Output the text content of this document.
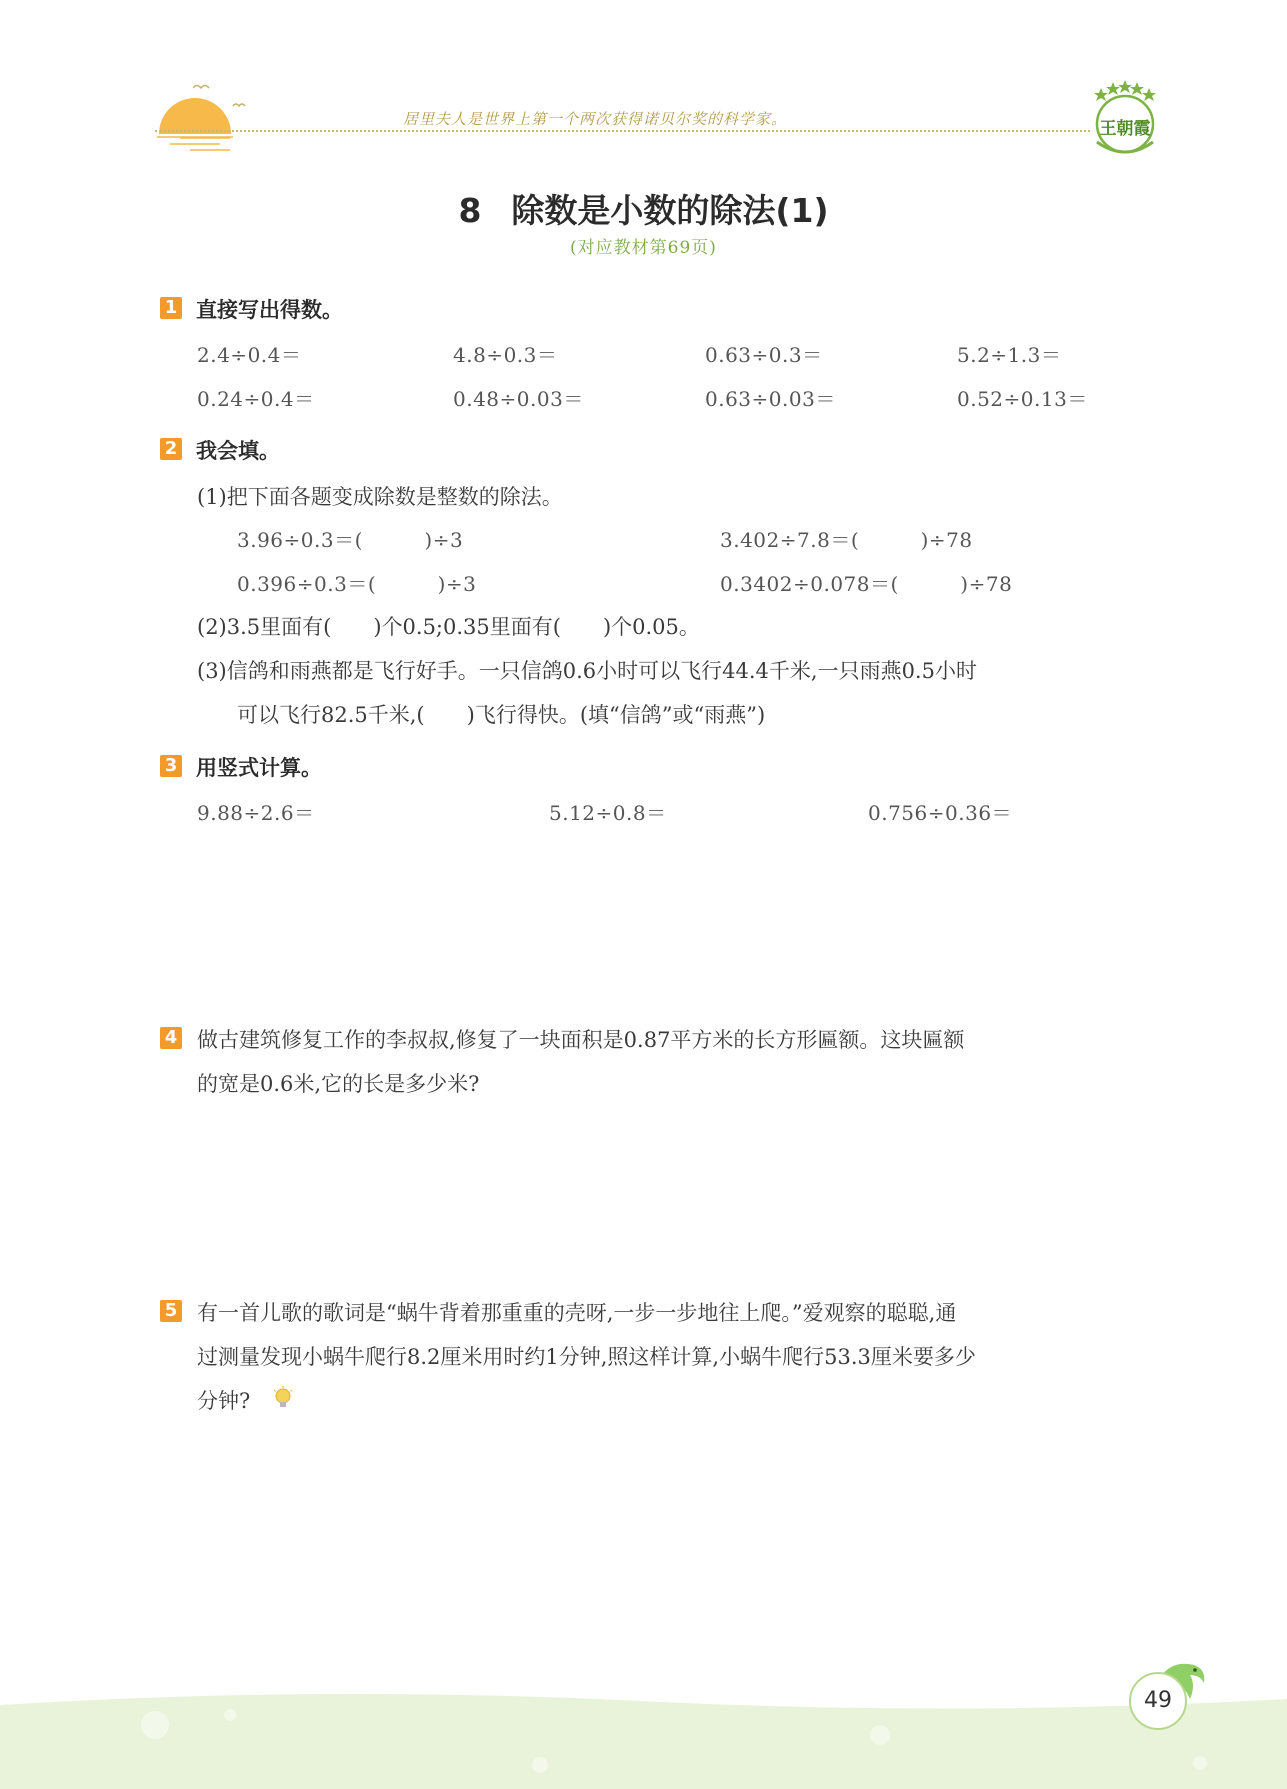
居里夫人是世界上第一个两次获得诺贝尔奖的科学家。	王朝霞
8 除数是小数的除法(1)
(对应教材第69页)
1 直接写出得数。
2.4÷0.4＝	4.8÷0.3＝	0.63÷0.3＝	5.2÷1.3＝
0.24÷0.4＝	0.48÷0.03＝	0.63÷0.03＝	0.52÷0.13＝
2 我会填。
(1)把下面各题变成除数是整数的除法。
3.96÷0.3＝(　　　)÷3	3.402÷7.8＝(　　　)÷78
0.396÷0.3＝(　　　)÷3	0.3402÷0.078＝(　　　)÷78
(2)3.5里面有(　　)个0.5;0.35里面有(　　)个0.05。
(3)信鸽和雨燕都是飞行好手。一只信鸽0.6小时可以飞行44.4千米,一只雨燕0.5小时
可以飞行82.5千米,(　　)飞行得快。(填“信鸽”或“雨燕”)
3 用竖式计算。
9.88÷2.6＝	5.12÷0.8＝	0.756÷0.36＝
4 做古建筑修复工作的李叔叔,修复了一块面积是0.87平方米的长方形匾额。这块匾额
的宽是0.6米,它的长是多少米?
5 有一首儿歌的歌词是“蜗牛背着那重重的壳呀,一步一步地往上爬。”爱观察的聪聪,通
过测量发现小蜗牛爬行8.2厘米用时约1分钟,照这样计算,小蜗牛爬行53.3厘米要多少
分钟?
49
